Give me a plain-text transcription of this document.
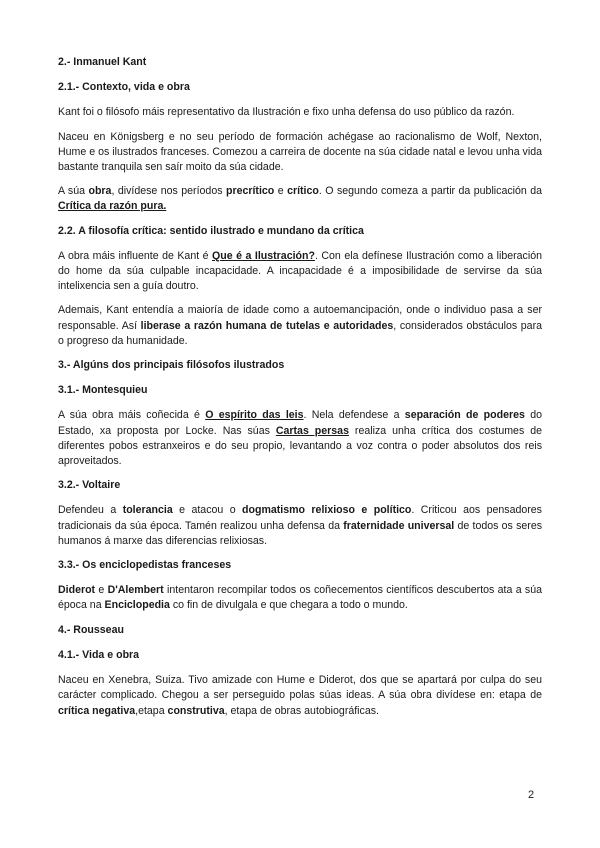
2.- Inmanuel Kant
2.1.- Contexto, vida e obra
Kant foi o filósofo máis representativo da Ilustración e fixo unha defensa do uso público da razón.
Naceu en Königsberg e no seu período de formación achégase ao racionalismo de Wolf, Nexton, Hume e os ilustrados franceses. Comezou a carreira de docente na súa cidade natal e levou unha vida bastante tranquila sen saír moito da súa cidade.
A súa obra, divídese nos períodos precrítico e crítico. O segundo comeza a partir da publicación da Crítica da razón pura.
2.2. A filosofía crítica: sentido ilustrado e mundano da crítica
A obra máis influente de Kant é Que é a Ilustración?. Con ela defínese Ilustración como a liberación do home da súa culpable incapacidade. A incapacidade é a imposibilidade de servirse da súa intelixencia sen a guía doutro.
Ademais, Kant entendía a maioría de idade como a autoemancipación, onde o individuo pasa a ser responsable. Así liberase a razón humana de tutelas e autoridades, considerados obstáculos para o progreso da humanidade.
3.- Algúns dos principais filósofos ilustrados
3.1.- Montesquieu
A súa obra máis coñecida é O espírito das leis. Nela defendese a separación de poderes do Estado, xa proposta por Locke. Nas súas Cartas persas realiza unha crítica dos costumes de diferentes pobos estranxeiros e do seu propio, levantando a voz contra o poder absolutos dos reis aproveitados.
3.2.- Voltaire
Defendeu a tolerancia e atacou o dogmatismo relixioso e político. Criticou aos pensadores tradicionais da súa época. Tamén realizou unha defensa da fraternidade universal de todos os seres humanos á marxe das diferencias relixiosas.
3.3.- Os enciclopedistas franceses
Diderot e D'Alembert intentaron recompilar todos os coñecementos científicos descubertos ata a súa época na Enciclopedia co fin de divulgala e que chegara a todo o mundo.
4.- Rousseau
4.1.- Vida e obra
Naceu en Xenebra, Suiza. Tivo amizade con Hume e Diderot, dos que se apartará por culpa do seu carácter complicado. Chegou a ser perseguido polas súas ideas. A súa obra divídese en: etapa de crítica negativa,etapa construtiva, etapa de obras autobiográficas.
2
